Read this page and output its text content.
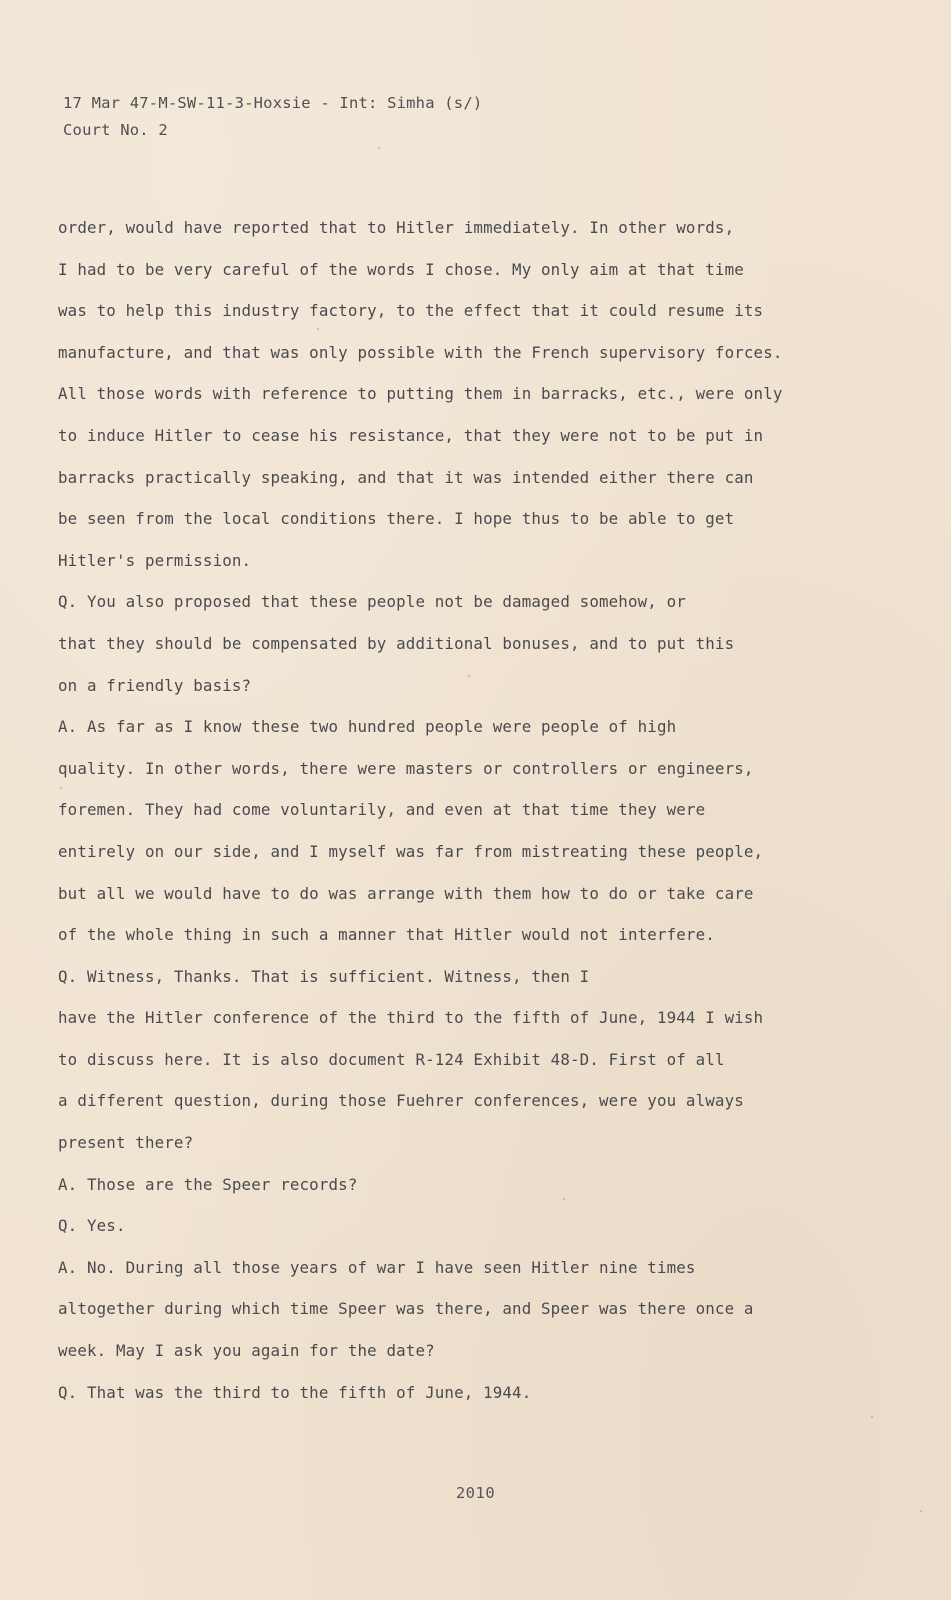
17 Mar 47-M-SW-11-3-Hoxsie - Int: Simha (s/)
Court No. 2
order, would have reported that to Hitler immediately. In other words,
I had to be very careful of the words I chose. My only aim at that time
was to help this industry factory, to the effect that it could resume its
manufacture, and that was only possible with the French supervisory forces.
All those words with reference to putting them in barracks, etc., were only
to induce Hitler to cease his resistance, that they were not to be put in
barracks practically speaking, and that it was intended either there can
be seen from the local conditions there. I hope thus to be able to get
Hitler's permission.
Q. You also proposed that these people not be damaged somehow, or
that they should be compensated by additional bonuses, and to put this
on a friendly basis?
A. As far as I know these two hundred people were people of high
quality. In other words, there were masters or controllers or engineers,
foremen. They had come voluntarily, and even at that time they were
entirely on our side, and I myself was far from mistreating these people,
but all we would have to do was arrange with them how to do or take care
of the whole thing in such a manner that Hitler would not interfere.
Q. Witness, Thanks. That is sufficient. Witness, then I
have the Hitler conference of the third to the fifth of June, 1944 I wish
to discuss here. It is also document R-124 Exhibit 48-D. First of all
a different question, during those Fuehrer conferences, were you always
present there?
A. Those are the Speer records?
Q. Yes.
A. No. During all those years of war I have seen Hitler nine times
altogether during which time Speer was there, and Speer was there once a
week. May I ask you again for the date?
Q. That was the third to the fifth of June, 1944.
2010
